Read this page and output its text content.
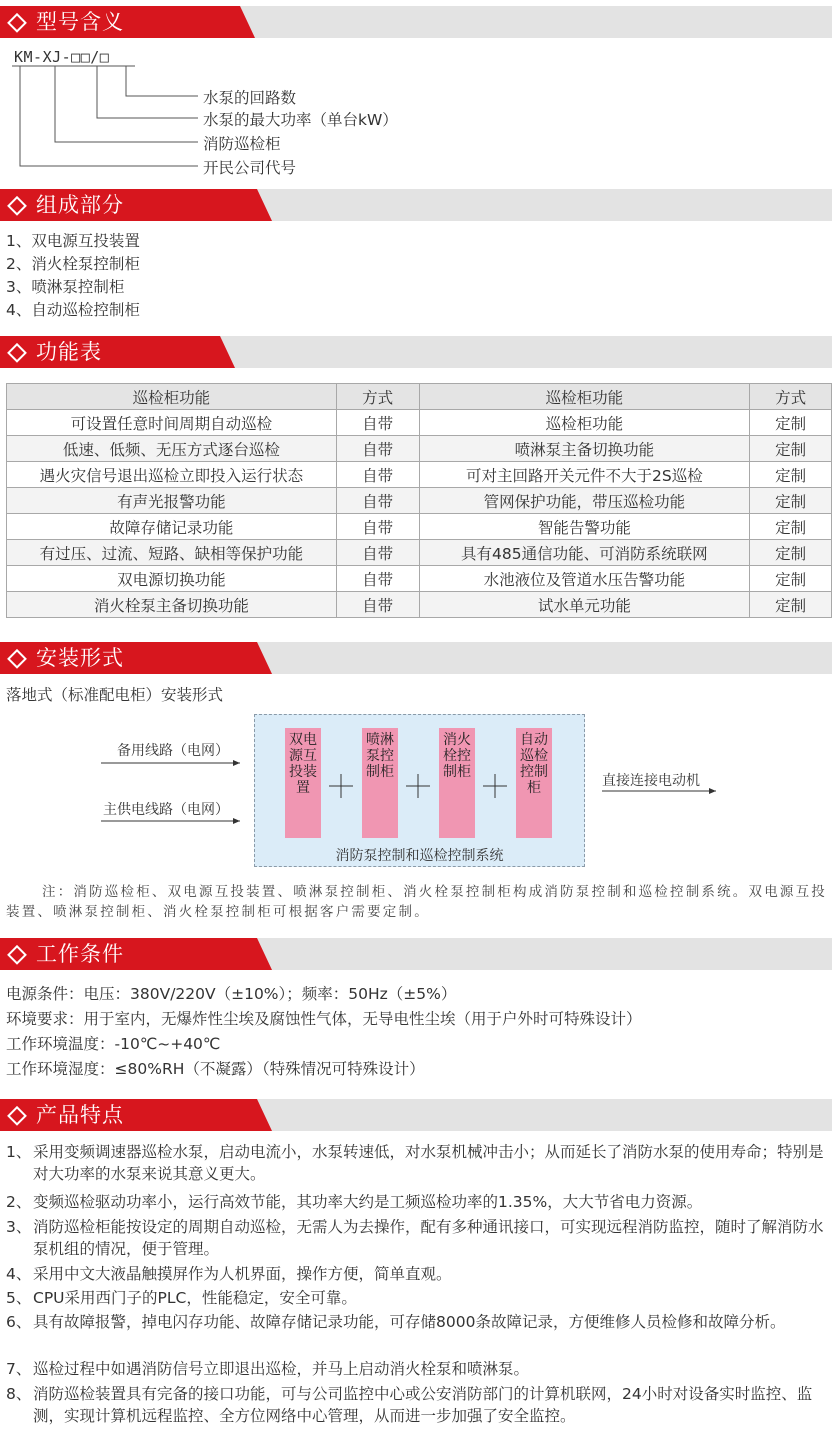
型号含义
KM-XJ-□□/□
水泵的回路数
水泵的最大功率（单台kW）
消防巡检柜
开民公司代号
组成部分
1、双电源互投装置
2、消火栓泵控制柜
3、喷淋泵控制柜
4、自动巡检控制柜
功能表
巡检柜功能	方式	巡检柜功能	方式
可设置任意时间周期自动巡检	自带	巡检柜功能	定制
低速、低频、无压方式逐台巡检	自带	喷淋泵主备切换功能	定制
遇火灾信号退出巡检立即投入运行状态	自带	可对主回路开关元件不大于2S巡检	定制
有声光报警功能	自带	管网保护功能，带压巡检功能	定制
故障存储记录功能	自带	智能告警功能	定制
有过压、过流、短路、缺相等保护功能	自带	具有485通信功能、可消防系统联网	定制
双电源切换功能	自带	水池液位及管道水压告警功能	定制
消火栓泵主备切换功能	自带	试水单元功能	定制
安装形式
落地式（标准配电柜）安装形式
双电源互投装置
喷淋泵控制柜
消火栓控制柜
自动巡检控制柜
消防泵控制和巡检控制系统
备用线路（电网）
主供电线路（电网）
直接连接电动机
注：消防巡检柜、双电源互投装置、喷淋泵控制柜、消火栓泵控制柜构成消防泵控制和巡检控制系统。双电源互投装置、喷淋泵控制柜、消火栓泵控制柜可根据客户需要定制。
工作条件
电源条件：电压：380V/220V（±10%）；频率：50Hz（±5%）
环境要求：用于室内，无爆炸性尘埃及腐蚀性气体，无导电性尘埃（用于户外时可特殊设计）
工作环境温度：-10℃~+40℃
工作环境湿度：≤80%RH（不凝露）（特殊情况可特殊设计）
产品特点
1、 采用变频调速器巡检水泵，启动电流小，水泵转速低，对水泵机械冲击小；从而延长了消防水泵的使用寿命；特别是对大功率的水泵来说其意义更大。
2、 变频巡检驱动功率小，运行高效节能，其功率大约是工频巡检功率的1.35%，大大节省电力资源。
3、 消防巡检柜能按设定的周期自动巡检，无需人为去操作，配有多种通讯接口，可实现远程消防监控，随时了解消防水泵机组的情况，便于管理。
4、 采用中文大液晶触摸屏作为人机界面，操作方便，简单直观。
5、 CPU采用西门子的PLC，性能稳定，安全可靠。
6、 具有故障报警，掉电闪存功能、故障存储记录功能，可存储8000条故障记录，方便维修人员检修和故障分析。
7、 巡检过程中如遇消防信号立即退出巡检，并马上启动消火栓泵和喷淋泵。
8、 消防巡检装置具有完备的接口功能，可与公司监控中心或公安消防部门的计算机联网，24小时对设备实时监控、监测，实现计算机远程监控、全方位网络中心管理，从而进一步加强了安全监控。
